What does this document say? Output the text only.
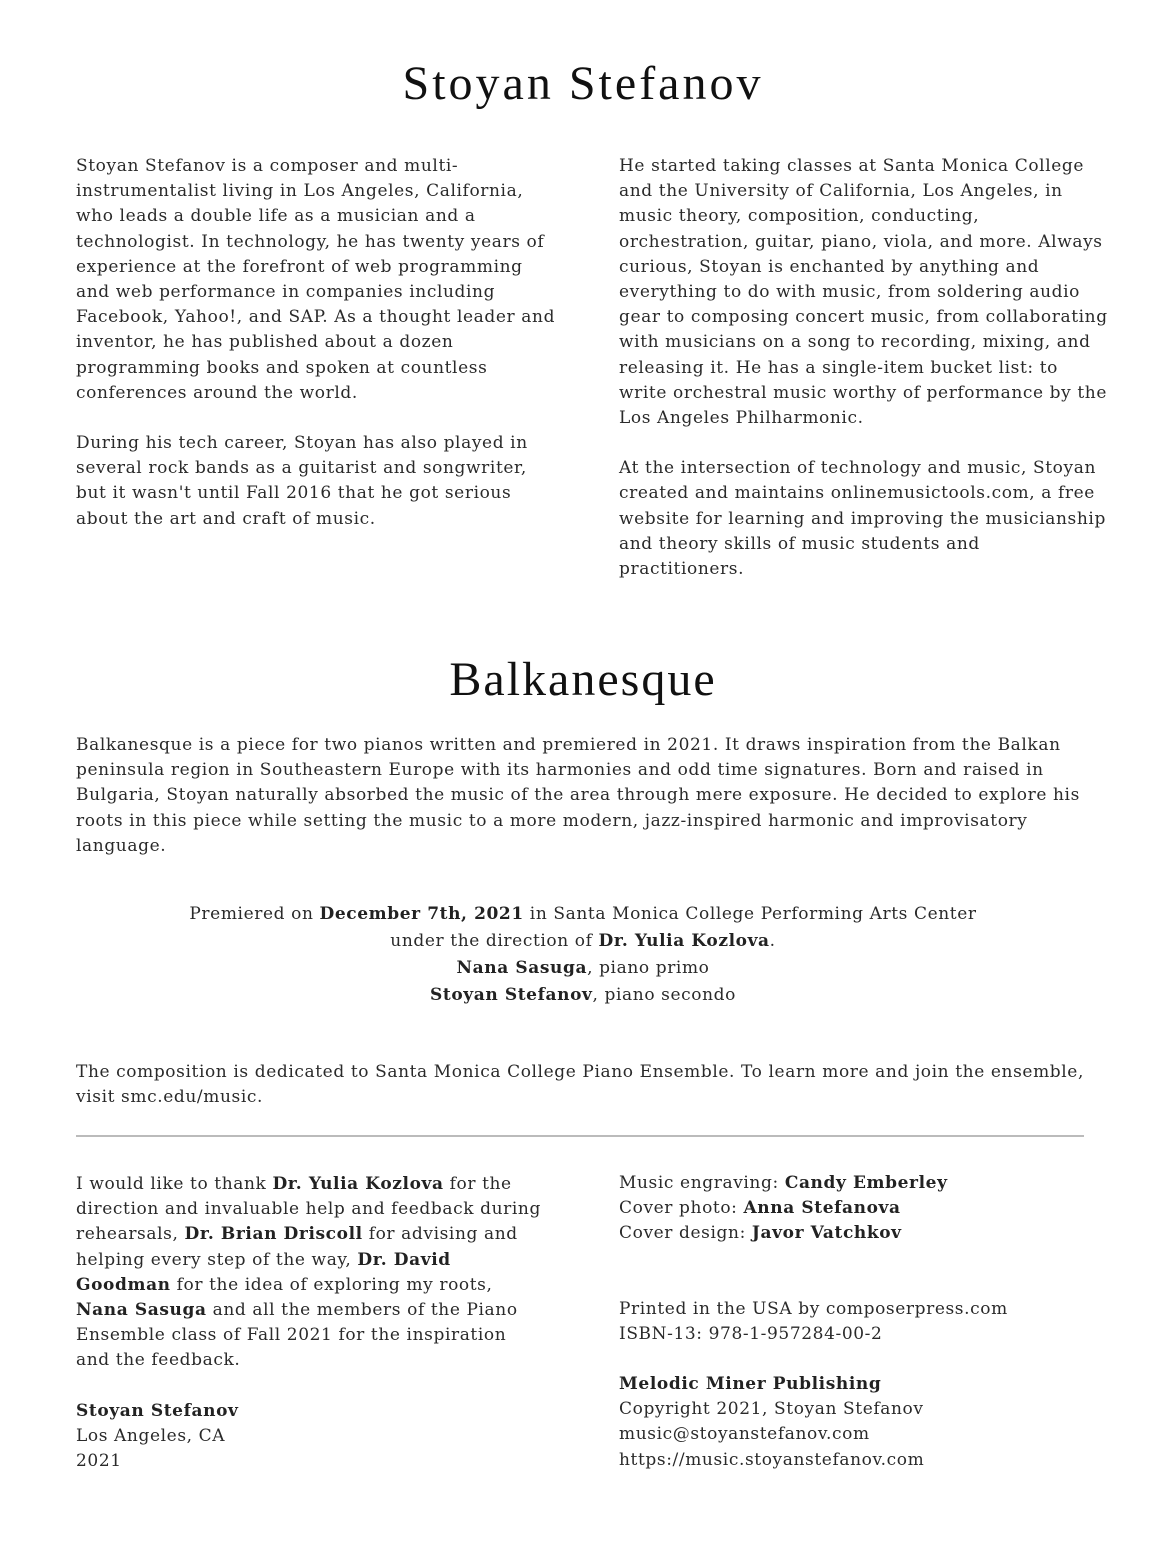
Stoyan Stefanov

Stoyan Stefanov is a composer and multi-instrumentalist living in Los Angeles, California, who leads a double life as a musician and a technologist. In technology, he has twenty years of experience at the forefront of web programming and web performance in companies including Facebook, Yahoo!, and SAP. As a thought leader and inventor, he has published about a dozen programming books and spoken at countless conferences around the world.

During his tech career, Stoyan has also played in several rock bands as a guitarist and songwriter, but it wasn't until Fall 2016 that he got serious about the art and craft of music.

He started taking classes at Santa Monica College and the University of California, Los Angeles, in music theory, composition, conducting, orchestration, guitar, piano, viola, and more. Always curious, Stoyan is enchanted by anything and everything to do with music, from soldering audio gear to composing concert music, from collaborating with musicians on a song to recording, mixing, and releasing it. He has a single-item bucket list: to write orchestral music worthy of performance by the Los Angeles Philharmonic.

At the intersection of technology and music, Stoyan created and maintains onlinemusictools.com, a free website for learning and improving the musicianship and theory skills of music students and practitioners.

Balkanesque

Balkanesque is a piece for two pianos written and premiered in 2021. It draws inspiration from the Balkan peninsula region in Southeastern Europe with its harmonies and odd time signatures. Born and raised in Bulgaria, Stoyan naturally absorbed the music of the area through mere exposure. He decided to explore his roots in this piece while setting the music to a more modern, jazz-inspired harmonic and improvisatory language.

Premiered on December 7th, 2021 in Santa Monica College Performing Arts Center
under the direction of Dr. Yulia Kozlova.
Nana Sasuga, piano primo
Stoyan Stefanov, piano secondo

The composition is dedicated to Santa Monica College Piano Ensemble. To learn more and join the ensemble, visit smc.edu/music.

I would like to thank Dr. Yulia Kozlova for the direction and invaluable help and feedback during rehearsals, Dr. Brian Driscoll for advising and helping every step of the way, Dr. David Goodman for the idea of exploring my roots, Nana Sasuga and all the members of the Piano Ensemble class of Fall 2021 for the inspiration and the feedback.

Stoyan Stefanov
Los Angeles, CA
2021
Music engraving: Candy Emberley
Cover photo: Anna Stefanova
Cover design: Javor Vatchkov
Printed in the USA by composerpress.com
ISBN-13: 978-1-957284-00-2
Melodic Miner Publishing
Copyright 2021, Stoyan Stefanov
music@stoyanstefanov.com
https://music.stoyanstefanov.com
